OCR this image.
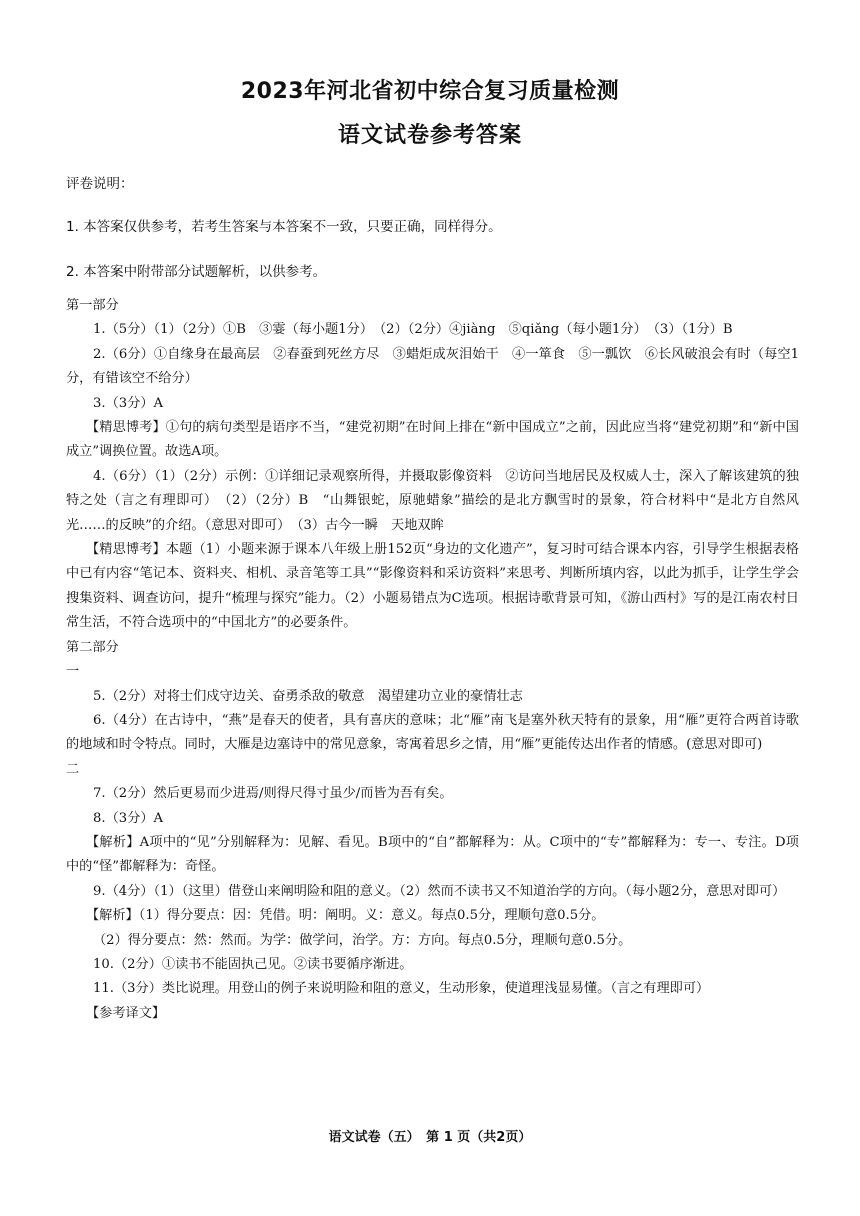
2023年河北省初中综合复习质量检测
语文试卷参考答案
评卷说明：
1. 本答案仅供参考，若考生答案与本答案不一致，只要正确，同样得分。
2. 本答案中附带部分试题解析，以供参考。

第一部分

1.（5分）（1）（2分）①B　③霎（每小题1分）　（2）（2分）④jiàng　⑤qiǎng（每小题1分）　（3）（1分）B

2.（6分）①自缘身在最高层　②春蚕到死丝方尽　③蜡炬成灰泪始干　④一箪食　⑤一瓢饮　⑥长风破浪会有时（每空1分，有错该空不给分）

3.（3分）A

【精思博考】①句的病句类型是语序不当，“建党初期”在时间上排在“新中国成立”之前，因此应当将“建党初期”和“新中国成立”调换位置。故选A项。

4.（6分）（1）（2分）示例：①详细记录观察所得，并摄取影像资料　②访问当地居民及权威人士，深入了解该建筑的独特之处（言之有理即可）　（2）（2分）B　“山舞银蛇，原驰蜡象”描绘的是北方飘雪时的景象，符合材料中“是北方自然风光……的反映”的介绍。（意思对即可）　（3）古今一瞬　天地双眸

【精思博考】本题（1）小题来源于课本八年级上册152页“身边的文化遗产”，复习时可结合课本内容，引导学生根据表格中已有内容“笔记本、资料夹、相机、录音笔等工具”“影像资料和采访资料”来思考、判断所填内容，以此为抓手，让学生学会搜集资料、调查访问，提升“梳理与探究”能力。（2）小题易错点为C选项。根据诗歌背景可知，《游山西村》写的是江南农村日常生活，不符合选项中的“中国北方”的必要条件。

第二部分

一

5.（2分）对将士们戍守边关、奋勇杀敌的敬意　渴望建功立业的豪情壮志

6.（4分）在古诗中，“燕”是春天的使者，具有喜庆的意味；北“雁”南飞是塞外秋天特有的景象，用“雁”更符合两首诗歌的地域和时令特点。同时，大雁是边塞诗中的常见意象，寄寓着思乡之情，用“雁”更能传达出作者的情感。(意思对即可)

二

7.（2分）然后更易而少进焉/则得尺得寸虽少/而皆为吾有矣。

8.（3分）A

【解析】A项中的“见”分别解释为：见解、看见。B项中的“自”都解释为：从。C项中的“专”都解释为：专一、专注。D项中的“怪”都解释为：奇怪。

9.（4分）（1）（这里）借登山来阐明险和阻的意义。（2）然而不读书又不知道治学的方向。（每小题2分，意思对即可）

【解析】（1）得分要点：因：凭借。明：阐明。义：意义。每点0.5分，理顺句意0.5分。

（2）得分要点：然：然而。为学：做学问，治学。方：方向。每点0.5分，理顺句意0.5分。

10.（2分）①读书不能固执己见。②读书要循序渐进。

11.（3分）类比说理。用登山的例子来说明险和阻的意义，生动形象，使道理浅显易懂。（言之有理即可）

【参考译文】

语文试卷（五）　第 1 页（共2页）
